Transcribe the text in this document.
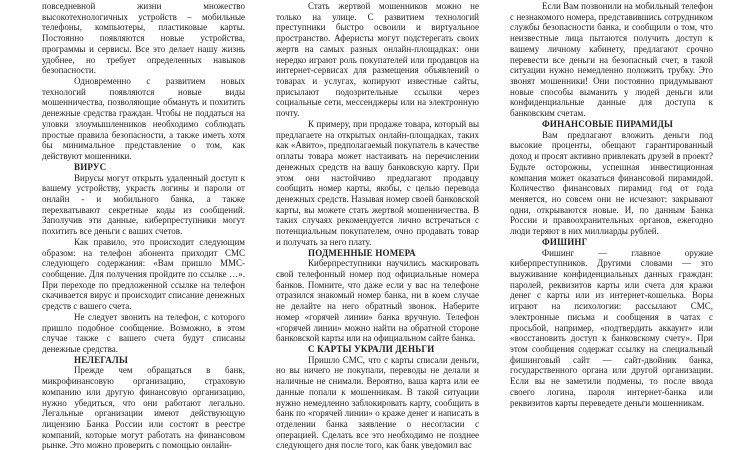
повседневной жизни множество высокотехнологичных устройств – мобильные телефоны, компьютеры, пластиковые карты. Постоянно появляются новые устройства, программы и сервисы. Все это делает нашу жизнь удобнее, но требует определенных навыков безопасности.

Одновременно с развитием новых технологий появляются новые виды мошенничества, позволяющие обмануть и похитить денежные средства граждан. Чтобы не поддаться на уловки злоумышленников необходимо соблюдать простые правила безопасности, а также иметь хотя бы минимальное представление о том, как действуют мошенники.

ВИРУС

Вирусы могут открыть удаленный доступ к вашему устройству, украсть логины и пароли от онлайн - и мобильного банка, а также перехватывают секретные коды из сообщений. Заполучив эти данные, киберпреступники могут похитить все деньги с ваших счетов.

Как правило, это происходит следующим образом: на телефон абонента приходит СМС следующего содержания: «Вам пришло ММС-сообщение. Для получения пройдите по ссылке …». При переходе по предложенной ссылке на телефон скачивается вирус и происходит списание денежных средств с вашего счета.

Не следует звонить на телефон, с которого пришло подобное сообщение. Возможно, в этом случае также с вашего счета будут списаны денежные средства.

НЕЛЕГАЛЫ

Прежде чем обращаться в банк, микрофинансовую организацию, страховую компанию или другую финансовую организацию, нужно убедиться, что они работают легально. Легальные организации имеют действующую лицензию Банка России или состоят в реестре компаний, которые могут работать на финансовом рынке. Это можно проверить с помощью онлайн-

Стать жертвой мошенников можно не только на улице. С развитием технологий преступники быстро освоили и виртуальное пространство. Аферисты могут подстерегать своих жертв на самых разных онлайн-площадках: они нередко играют роль покупателей или продавцов на интернет-сервисах для размещения объявлений о товарах и услугах, копируют известные сайты, присылают подозрительные ссылки через социальные сети, мессенджеры или на электронную почту.

К примеру, при продаже товара, который вы предлагаете на открытых онлайн-площадках, таких как «Авито», предполагаемый покупатель в качестве оплаты товара может настаивать на перечислении денежных средств на вашу банковскую карту. При этом они настойчиво предлагают продавцу сообщить номер карты, якобы, с целью перевода денежных средств. Называя номер своей банковской карты, вы можете стать жертвой мошенничества. В таких случаях рекомендуется лично встречаться с потенциальным покупателем, очно продавать товар и получать за него плату.

ПОДМЕННЫЕ НОМЕРА

Киберпреступники научились маскировать свой телефонный номер под официальные номера банков. Помните, что даже если у вас на телефоне отразился знакомый номер банка, ни в коем случае не делайте на него обратный звонок. Наберите номер «горячей линии» банка вручную. Телефон «горячей линии» можно найти на обратной стороне банковской карты или на официальном сайте банка.

С КАРТЫ УКРАЛИ ДЕНЬГИ

Пришло СМС, что с карты списали деньги, но вы ничего не покупали, переводы не делали и наличные не снимали. Вероятно, ваша карта или ее данные попали к мошенникам. В такой ситуации нужно немедленно заблокировать карту, сообщить в банк по «горячей линии» о краже денег и написать в отделении банка заявление о несогласии с операцией. Сделать все это необходимо не позднее следующего дня после того, как банк уведомил вас

Если Вам позвонили на мобильный телефон с незнакомого номера, представившись сотрудником службы безопасности банка, и сообщили о том, что неизвестные лица пытаются получить доступ к вашему личному кабинету, предлагают срочно перевести все деньги на безопасный счет, в такой ситуации нужно немедленно положить трубку. Это звонят мошенники! Они постоянно придумывают новые способы выманить у людей деньги или конфиденциальные данные для доступа к банковским счетам.

ФИНАНСОВЫЕ ПИРАМИДЫ

Вам предлагают вложить деньги под высокие проценты, обещают гарантированный доход и просят активно привлекать друзей в проект? Будьте осторожны, успешная инвестиционная компания может оказаться финансовой пирамидой. Количество финансовых пирамид год от года меняется, но совсем они не исчезают: закрывают одни, открываются новые. И, по данным Банка России и правоохранительных органов, ежегодно люди теряют в них миллиарды рублей.

ФИШИНГ

Фишинг — главное оружие киберпреступников. Другими словами — это выуживание конфиденциальных данных граждан: паролей, реквизитов карты или счета для кражи денег с карты или из интернет-кошелька. Воры играют на психологии: рассылают СМС, электронные письма и сообщения в чатах с просьбой, например, «подтвердить аккаунт» или «восстановить доступ к банковскому счету». При этом сообщения содержат ссылку на специальный фишинговый сайт — сайт-двойник банка, государственного органа или другой организации. Если вы не заметили подмены, то после ввода своего логина, пароля интернет-банка или реквизитов карты переведете деньги мошенникам.
